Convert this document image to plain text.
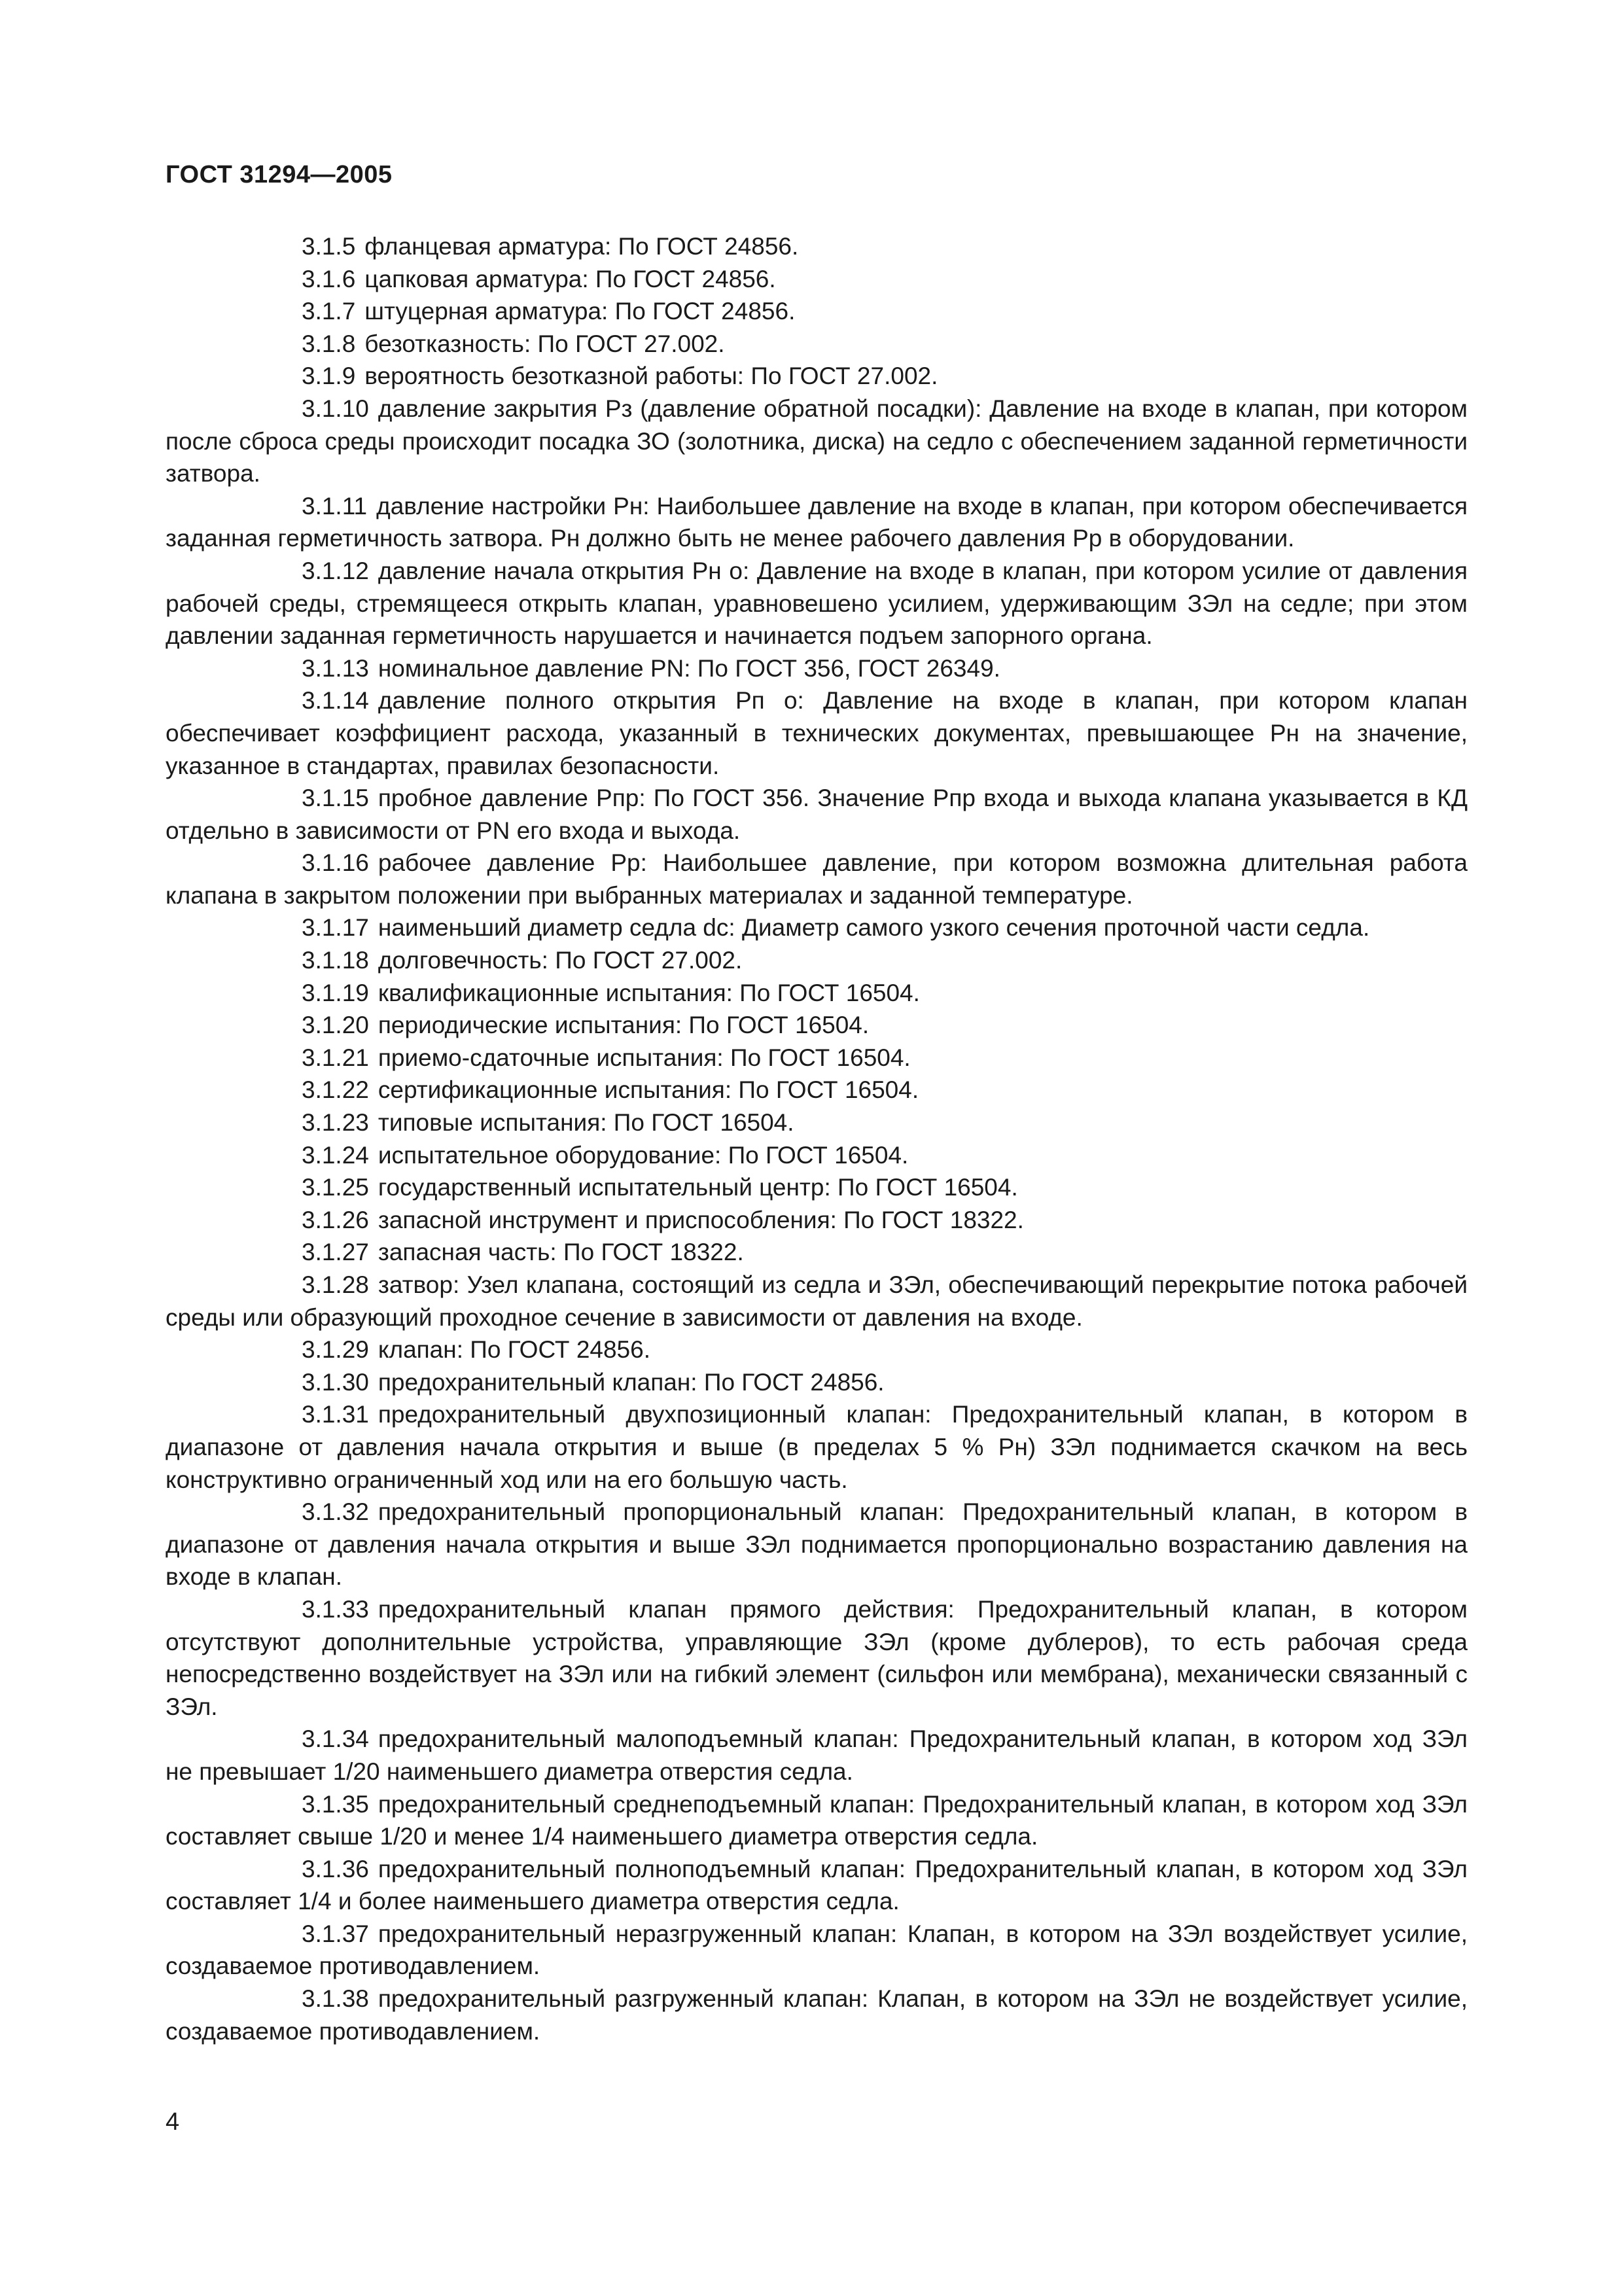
ГОСТ 31294—2005

3.1.5 фланцевая арматура: По ГОСТ 24856.

3.1.6 цапковая арматура: По ГОСТ 24856.

3.1.7 штуцерная арматура: По ГОСТ 24856.

3.1.8 безотказность: По ГОСТ 27.002.

3.1.9 вероятность безотказной работы: По ГОСТ 27.002.

3.1.10 давление закрытия Pз (давление обратной посадки): Давление на входе в клапан, при котором после сброса среды происходит посадка ЗО (золотника, диска) на седло с обеспечением заданной герметичности затвора.

3.1.11 давление настройки Pн: Наибольшее давление на входе в клапан, при котором обеспечивается заданная герметичность затвора. Pн должно быть не менее рабочего давления Pр в оборудовании.

3.1.12 давление начала открытия Pн о: Давление на входе в клапан, при котором усилие от давления рабочей среды, стремящееся открыть клапан, уравновешено усилием, удерживающим ЗЭл на седле; при этом давлении заданная герметичность нарушается и начинается подъем запорного органа.

3.1.13 номинальное давление PN: По ГОСТ 356, ГОСТ 26349.

3.1.14 давление полного открытия Pп о: Давление на входе в клапан, при котором клапан обеспечивает коэффициент расхода, указанный в технических документах, превышающее Pн на значение, указанное в стандартах, правилах безопасности.

3.1.15 пробное давление Pпр: По ГОСТ 356. Значение Pпр входа и выхода клапана указывается в КД отдельно в зависимости от PN его входа и выхода.

3.1.16 рабочее давление Pр: Наибольшее давление, при котором возможна длительная работа клапана в закрытом положении при выбранных материалах и заданной температуре.

3.1.17 наименьший диаметр седла dс: Диаметр самого узкого сечения проточной части седла.

3.1.18 долговечность: По ГОСТ 27.002.

3.1.19 квалификационные испытания: По ГОСТ 16504.

3.1.20 периодические испытания: По ГОСТ 16504.

3.1.21 приемо-сдаточные испытания: По ГОСТ 16504.

3.1.22 сертификационные испытания: По ГОСТ 16504.

3.1.23 типовые испытания: По ГОСТ 16504.

3.1.24 испытательное оборудование: По ГОСТ 16504.

3.1.25 государственный испытательный центр: По ГОСТ 16504.

3.1.26 запасной инструмент и приспособления: По ГОСТ 18322.

3.1.27 запасная часть: По ГОСТ 18322.

3.1.28 затвор: Узел клапана, состоящий из седла и ЗЭл, обеспечивающий перекрытие потока рабочей среды или образующий проходное сечение в зависимости от давления на входе.

3.1.29 клапан: По ГОСТ 24856.

3.1.30 предохранительный клапан: По ГОСТ 24856.

3.1.31 предохранительный двухпозиционный клапан: Предохранительный клапан, в котором в диапазоне от давления начала открытия и выше (в пределах 5 % Pн) ЗЭл поднимается скачком на весь конструктивно ограниченный ход или на его большую часть.

3.1.32 предохранительный пропорциональный клапан: Предохранительный клапан, в котором в диапазоне от давления начала открытия и выше ЗЭл поднимается пропорционально возрастанию давления на входе в клапан.

3.1.33 предохранительный клапан прямого действия: Предохранительный клапан, в котором отсутствуют дополнительные устройства, управляющие ЗЭл (кроме дублеров), то есть рабочая среда непосредственно воздействует на ЗЭл или на гибкий элемент (сильфон или мембрана), механически связанный с ЗЭл.

3.1.34 предохранительный малоподъемный клапан: Предохранительный клапан, в котором ход ЗЭл не превышает 1/20 наименьшего диаметра отверстия седла.

3.1.35 предохранительный среднеподъемный клапан: Предохранительный клапан, в котором ход ЗЭл составляет свыше 1/20 и менее 1/4 наименьшего диаметра отверстия седла.

3.1.36 предохранительный полноподъемный клапан: Предохранительный клапан, в котором ход ЗЭл составляет 1/4 и более наименьшего диаметра отверстия седла.

3.1.37 предохранительный неразгруженный клапан: Клапан, в котором на ЗЭл воздействует усилие, создаваемое противодавлением.

3.1.38 предохранительный разгруженный клапан: Клапан, в котором на ЗЭл не воздействует усилие, создаваемое противодавлением.

4
